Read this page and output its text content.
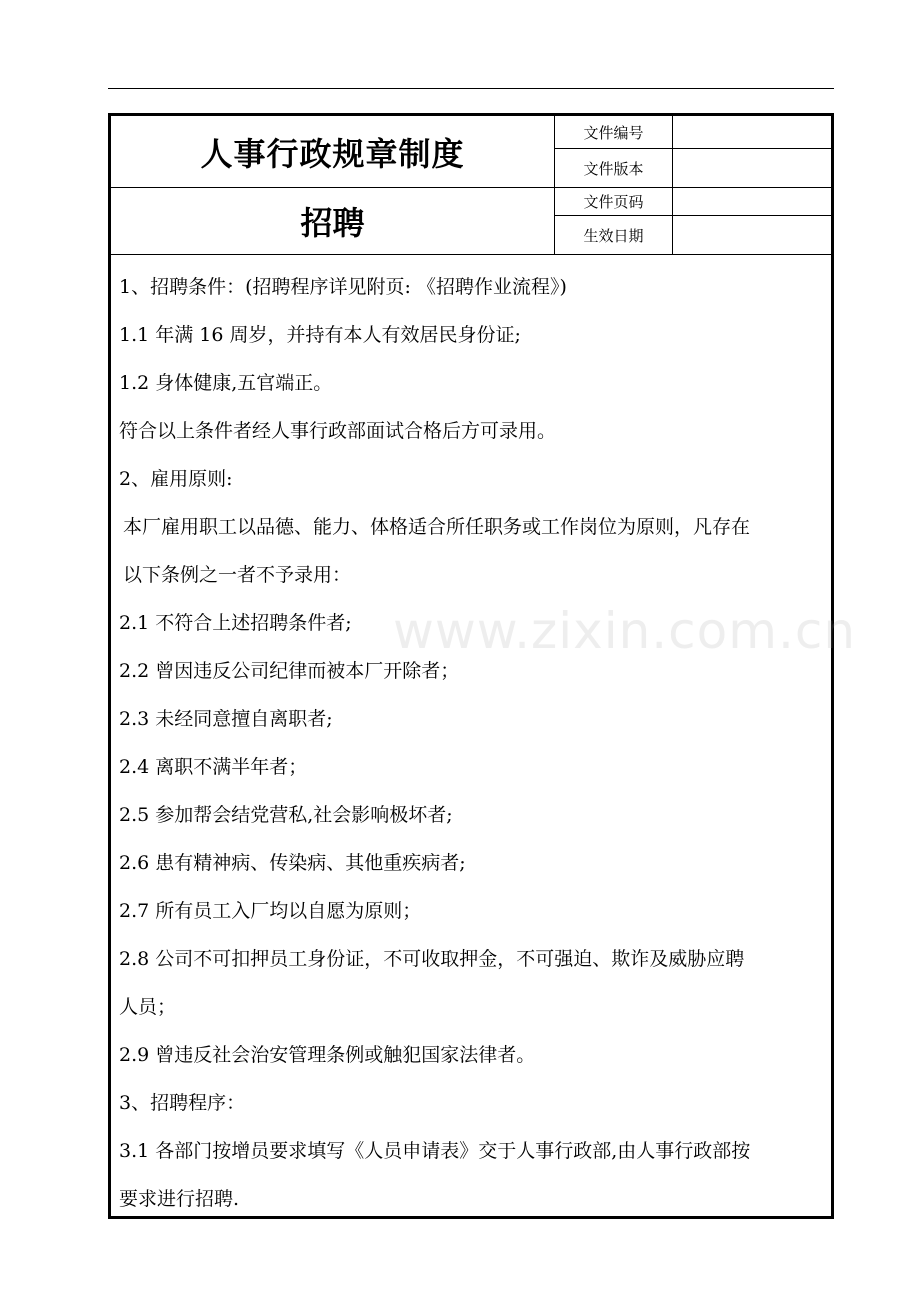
人事行政规章制度
文件编号
文件版本
招聘
文件页码
生效日期

1、招聘条件：(招聘程序详见附页: 《招聘作业流程》)

1.1 年满 16 周岁，并持有本人有效居民身份证;

1.2 身体健康,五官端正。

符合以上条件者经人事行政部面试合格后方可录用。

2、雇用原则:

本厂雇用职工以品德、能力、体格适合所任职务或工作岗位为原则，凡存在

以下条例之一者不予录用：

2.1 不符合上述招聘条件者;

2.2 曾因违反公司纪律而被本厂开除者；

2.3 未经同意擅自离职者;

2.4 离职不满半年者；

2.5 参加帮会结党营私,社会影响极坏者;

2.6 患有精神病、传染病、其他重疾病者;

2.7 所有员工入厂均以自愿为原则；

2.8 公司不可扣押员工身份证，不可收取押金，不可强迫、欺诈及威胁应聘

人员；

2.9 曾违反社会治安管理条例或触犯国家法律者。

3、招聘程序：

3.1 各部门按增员要求填写《人员申请表》交于人事行政部,由人事行政部按

要求进行招聘.

www.zixin.com.cn
